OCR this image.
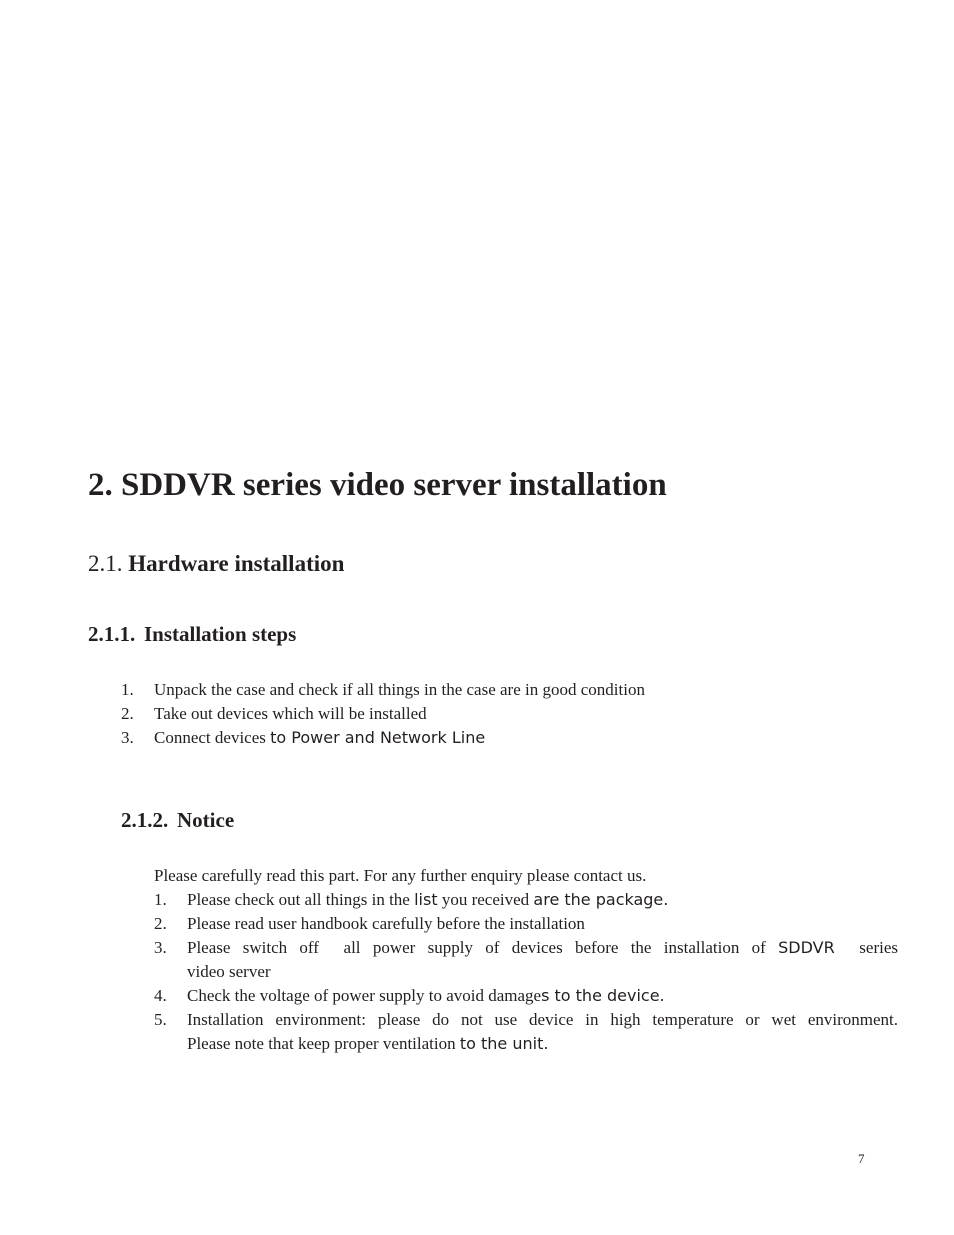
2. SDDVR series video server installation
2.1. Hardware installation
2.1.1. Installation steps
1.	Unpack the case and check if all things in the case are in good condition
2.	Take out devices which will be installed
3.	Connect devices to Power and Network Line
2.1.2. Notice
Please carefully read this part. For any further enquiry please contact us.
1.	Please check out all things in the list you received are the package.
2.	Please read user handbook carefully before the installation
3.	Please switch off  all power supply of devices before the installation of SDDVR  series
video server
4.	Check the voltage of power supply to avoid damages to the device.
5.	Installation environment: please do not use device in high temperature or wet environment.
Please note that keep proper ventilation to the unit.
7
